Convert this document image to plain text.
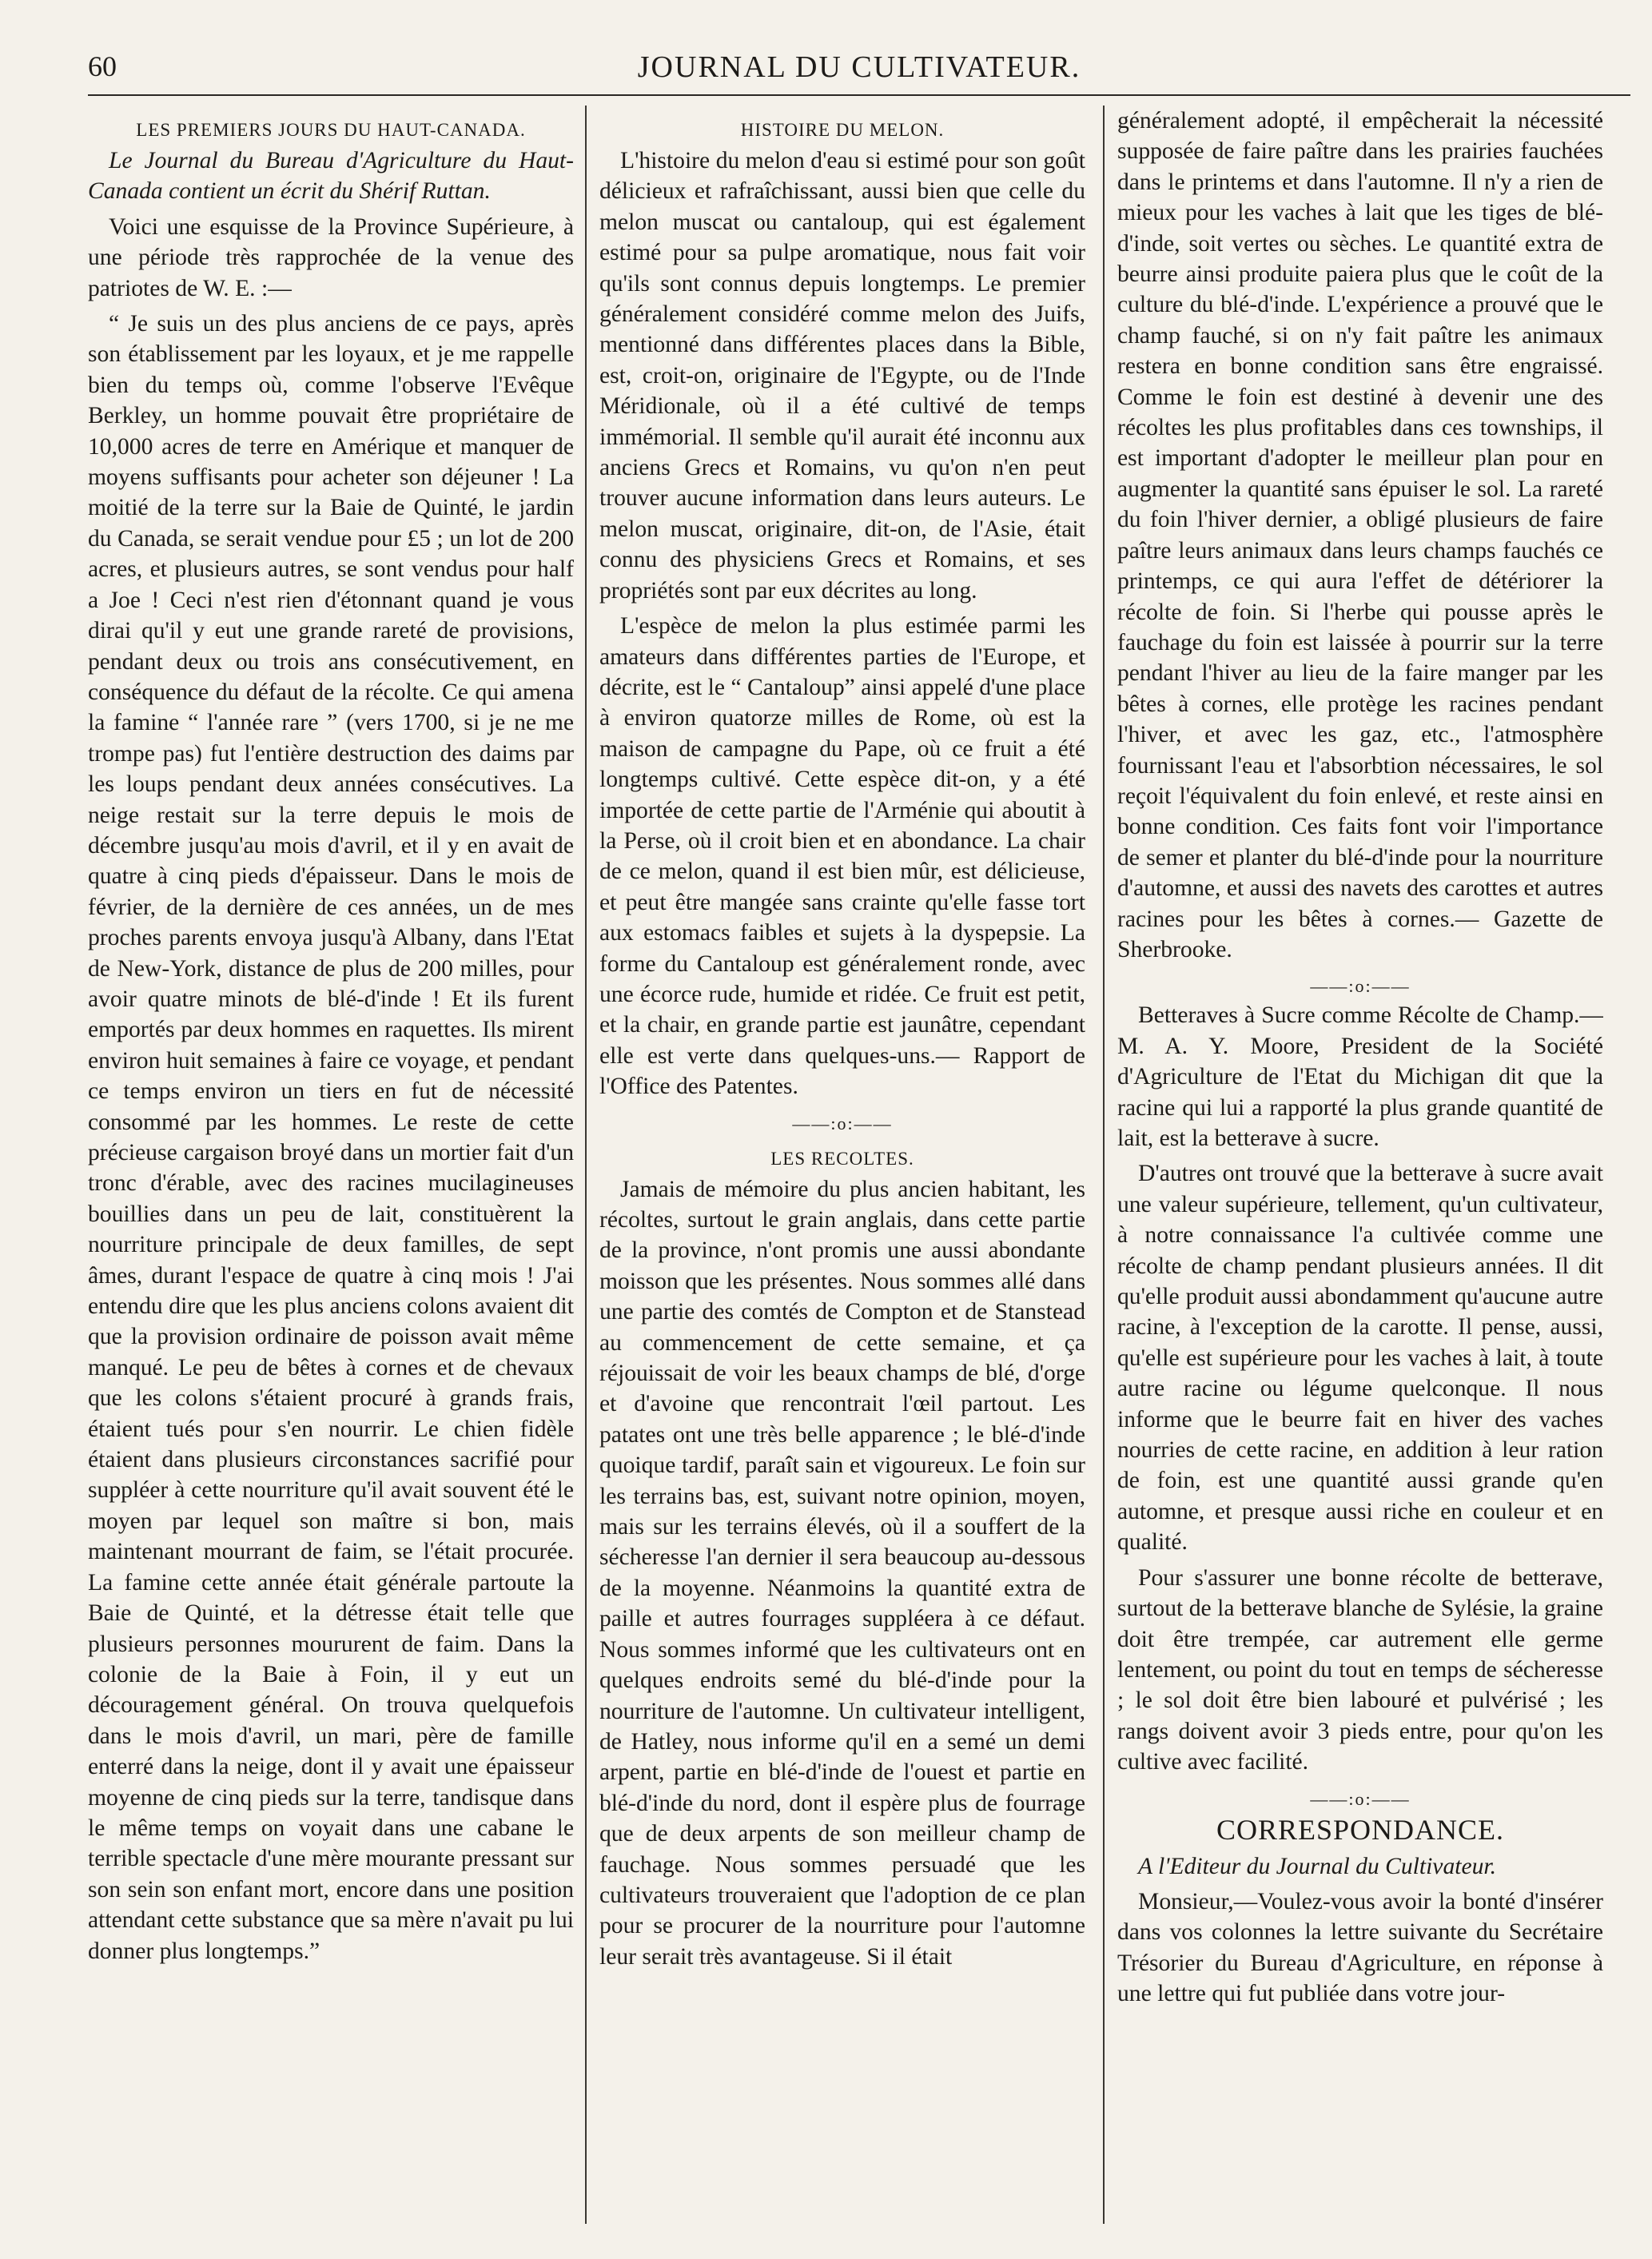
60	JOURNAL DU CULTIVATEUR.
LES PREMIERS JOURS DU HAUT-CANADA.

Le Journal du Bureau d'Agriculture du Haut-Canada contient un écrit du Shérif Ruttan.

Voici une esquisse de la Province Supérieure, à une période très rapprochée de la venue des patriotes de W. E. :—

“ Je suis un des plus anciens de ce pays, après son établissement par les loyaux, et je me rappelle bien du temps où, comme l'observe l'Evêque Berkley, un homme pouvait être propriétaire de 10,000 acres de terre en Amérique et manquer de moyens suffisants pour acheter son déjeuner ! La moitié de la terre sur la Baie de Quinté, le jardin du Canada, se serait vendue pour £5 ; un lot de 200 acres, et plusieurs autres, se sont vendus pour half a Joe ! Ceci n'est rien d'étonnant quand je vous dirai qu'il y eut une grande rareté de provisions, pendant deux ou trois ans consécutivement, en conséquence du défaut de la récolte. Ce qui amena la famine “ l'année rare ” (vers 1700, si je ne me trompe pas) fut l'entière destruction des daims par les loups pendant deux années consécutives. La neige restait sur la terre depuis le mois de décembre jusqu'au mois d'avril, et il y en avait de quatre à cinq pieds d'épaisseur. Dans le mois de février, de la dernière de ces années, un de mes proches parents envoya jusqu'à Albany, dans l'Etat de New-York, distance de plus de 200 milles, pour avoir quatre minots de blé-d'inde ! Et ils furent emportés par deux hommes en raquettes. Ils mirent environ huit semaines à faire ce voyage, et pendant ce temps environ un tiers en fut de nécessité consommé par les hommes. Le reste de cette précieuse cargaison broyé dans un mortier fait d'un tronc d'érable, avec des racines mucilagineuses bouillies dans un peu de lait, constituèrent la nourriture principale de deux familles, de sept âmes, durant l'espace de quatre à cinq mois ! J'ai entendu dire que les plus anciens colons avaient dit que la provision ordinaire de poisson avait même manqué. Le peu de bêtes à cornes et de chevaux que les colons s'étaient procuré à grands frais, étaient tués pour s'en nourrir. Le chien fidèle étaient dans plusieurs circonstances sacrifié pour suppléer à cette nourriture qu'il avait souvent été le moyen par lequel son maître si bon, mais maintenant mourrant de faim, se l'était procurée. La famine cette année était générale partoute la Baie de Quinté, et la détresse était telle que plusieurs personnes moururent de faim. Dans la colonie de la Baie à Foin, il y eut un découragement général. On trouva quelquefois dans le mois d'avril, un mari, père de famille enterré dans la neige, dont il y avait une épaisseur moyenne de cinq pieds sur la terre, tandisque dans le même temps on voyait dans une cabane le terrible spectacle d'une mère mourante pressant sur son sein son enfant mort, encore dans une position attendant cette substance que sa mère n'avait pu lui donner plus longtemps.”

HISTOIRE DU MELON.

L'histoire du melon d'eau si estimé pour son goût délicieux et rafraîchissant, aussi bien que celle du melon muscat ou cantaloup, qui est également estimé pour sa pulpe aromatique, nous fait voir qu'ils sont connus depuis longtemps. Le premier généralement considéré comme melon des Juifs, mentionné dans différentes places dans la Bible, est, croit-on, originaire de l'Egypte, ou de l'Inde Méridionale, où il a été cultivé de temps immémorial. Il semble qu'il aurait été inconnu aux anciens Grecs et Romains, vu qu'on n'en peut trouver aucune information dans leurs auteurs. Le melon muscat, originaire, dit-on, de l'Asie, était connu des physiciens Grecs et Romains, et ses propriétés sont par eux décrites au long.

L'espèce de melon la plus estimée parmi les amateurs dans différentes parties de l'Europe, et décrite, est le “ Cantaloup” ainsi appelé d'une place à environ quatorze milles de Rome, où est la maison de campagne du Pape, où ce fruit a été longtemps cultivé. Cette espèce dit-on, y a été importée de cette partie de l'Arménie qui aboutit à la Perse, où il croit bien et en abondance. La chair de ce melon, quand il est bien mûr, est délicieuse, et peut être mangée sans crainte qu'elle fasse tort aux estomacs faibles et sujets à la dyspepsie. La forme du Cantaloup est généralement ronde, avec une écorce rude, humide et ridée. Ce fruit est petit, et la chair, en grande partie est jaunâtre, cependant elle est verte dans quelques-uns.— Rapport de l'Office des Patentes.

——:o:——
LES RECOLTES.

Jamais de mémoire du plus ancien habitant, les récoltes, surtout le grain anglais, dans cette partie de la province, n'ont promis une aussi abondante moisson que les présentes. Nous sommes allé dans une partie des comtés de Compton et de Stanstead au commencement de cette semaine, et ça réjouissait de voir les beaux champs de blé, d'orge et d'avoine que rencontrait l'œil partout. Les patates ont une très belle apparence ; le blé-d'inde quoique tardif, paraît sain et vigoureux. Le foin sur les terrains bas, est, suivant notre opinion, moyen, mais sur les terrains élevés, où il a souffert de la sécheresse l'an dernier il sera beaucoup au-dessous de la moyenne. Néanmoins la quantité extra de paille et autres fourrages suppléera à ce défaut. Nous sommes informé que les cultivateurs ont en quelques endroits semé du blé-d'inde pour la nourriture de l'automne. Un cultivateur intelligent, de Hatley, nous informe qu'il en a semé un demi arpent, partie en blé-d'inde de l'ouest et partie en blé-d'inde du nord, dont il espère plus de fourrage que de deux arpents de son meilleur champ de fauchage. Nous sommes persuadé que les cultivateurs trouveraient que l'adoption de ce plan pour se procurer de la nourriture pour l'automne leur serait très avantageuse. Si il était

généralement adopté, il empêcherait la nécessité supposée de faire paître dans les prairies fauchées dans le printems et dans l'automne. Il n'y a rien de mieux pour les vaches à lait que les tiges de blé-d'inde, soit vertes ou sèches. Le quantité extra de beurre ainsi produite paiera plus que le coût de la culture du blé-d'inde. L'expérience a prouvé que le champ fauché, si on n'y fait paître les animaux restera en bonne condition sans être engraissé. Comme le foin est destiné à devenir une des récoltes les plus profitables dans ces townships, il est important d'adopter le meilleur plan pour en augmenter la quantité sans épuiser le sol. La rareté du foin l'hiver dernier, a obligé plusieurs de faire paître leurs animaux dans leurs champs fauchés ce printemps, ce qui aura l'effet de détériorer la récolte de foin. Si l'herbe qui pousse après le fauchage du foin est laissée à pourrir sur la terre pendant l'hiver au lieu de la faire manger par les bêtes à cornes, elle protège les racines pendant l'hiver, et avec les gaz, etc., l'atmosphère fournissant l'eau et l'absorbtion nécessaires, le sol reçoit l'équivalent du foin enlevé, et reste ainsi en bonne condition. Ces faits font voir l'importance de semer et planter du blé-d'inde pour la nourriture d'automne, et aussi des navets des carottes et autres racines pour les bêtes à cornes.— Gazette de Sherbrooke.

——:o:——

Betteraves à Sucre comme Récolte de Champ.—M. A. Y. Moore, President de la Société d'Agriculture de l'Etat du Michigan dit que la racine qui lui a rapporté la plus grande quantité de lait, est la betterave à sucre.

D'autres ont trouvé que la betterave à sucre avait une valeur supérieure, tellement, qu'un cultivateur, à notre connaissance l'a cultivée comme une récolte de champ pendant plusieurs années. Il dit qu'elle produit aussi abondamment qu'aucune autre racine, à l'exception de la carotte. Il pense, aussi, qu'elle est supérieure pour les vaches à lait, à toute autre racine ou légume quelconque. Il nous informe que le beurre fait en hiver des vaches nourries de cette racine, en addition à leur ration de foin, est une quantité aussi grande qu'en automne, et presque aussi riche en couleur et en qualité.

Pour s'assurer une bonne récolte de betterave, surtout de la betterave blanche de Sylésie, la graine doit être trempée, car autrement elle germe lentement, ou point du tout en temps de sécheresse ; le sol doit être bien labouré et pulvérisé ; les rangs doivent avoir 3 pieds entre, pour qu'on les cultive avec facilité.

——:o:——
CORRESPONDANCE.

A l'Editeur du Journal du Cultivateur.

Monsieur,—Voulez-vous avoir la bonté d'insérer dans vos colonnes la lettre suivante du Secrétaire Trésorier du Bureau d'Agriculture, en réponse à une lettre qui fut publiée dans votre jour-
